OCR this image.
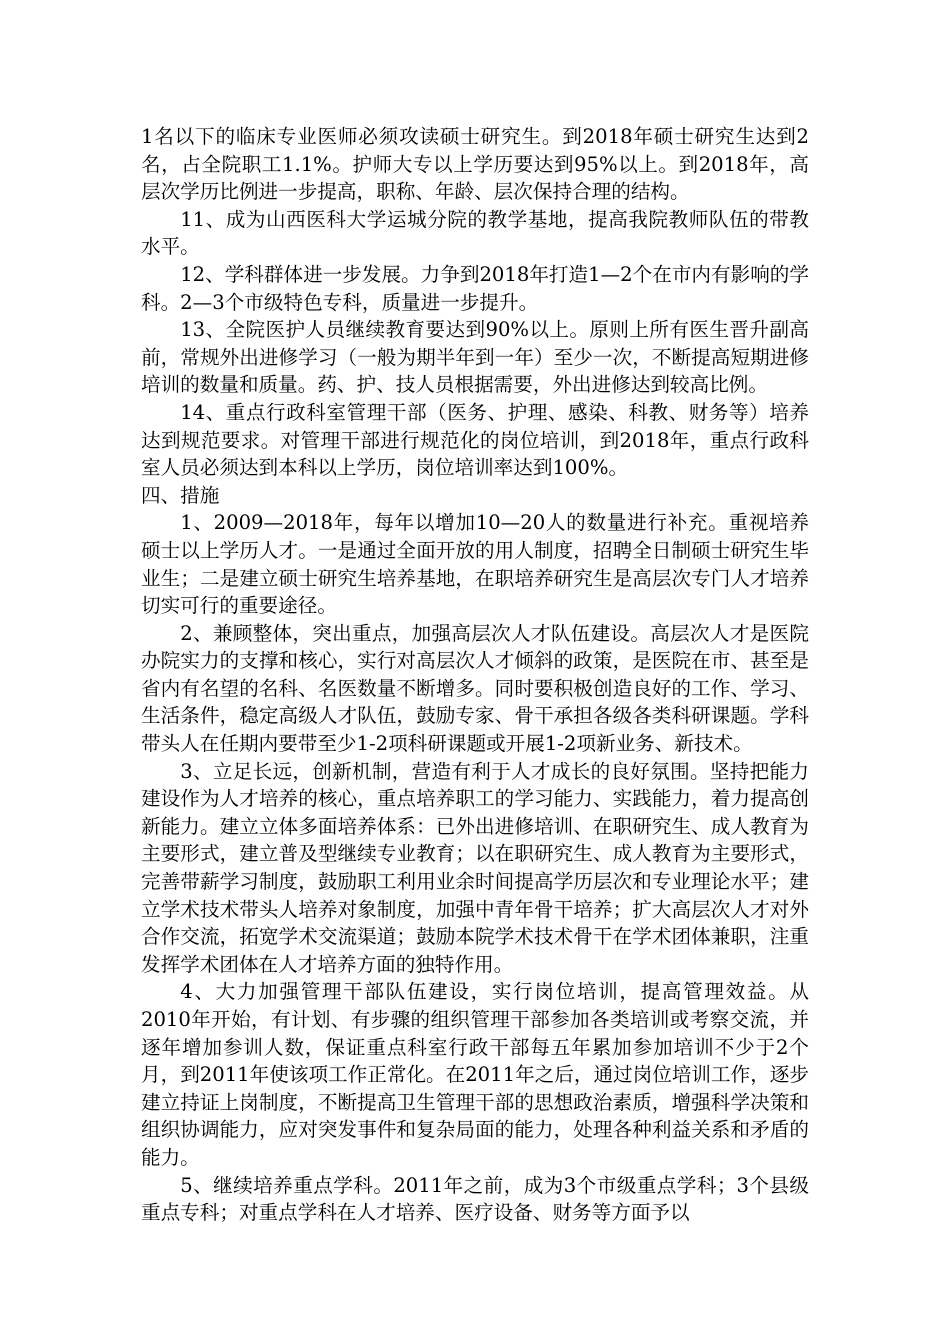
1名以下的临床专业医师必须攻读硕士研究生。到2018年硕士研究生达到2名，占全院职工1.1%。护师大专以上学历要达到95%以上。到2018年，高层次学历比例进一步提高，职称、年龄、层次保持合理的结构。

11、成为山西医科大学运城分院的教学基地，提高我院教师队伍的带教水平。

12、学科群体进一步发展。力争到2018年打造1—2个在市内有影响的学科。2—3个市级特色专科，质量进一步提升。

13、全院医护人员继续教育要达到90%以上。原则上所有医生晋升副高前，常规外出进修学习（一般为期半年到一年）至少一次，不断提高短期进修培训的数量和质量。药、护、技人员根据需要，外出进修达到较高比例。

14、重点行政科室管理干部（医务、护理、感染、科教、财务等）培养达到规范要求。对管理干部进行规范化的岗位培训，到2018年，重点行政科室人员必须达到本科以上学历，岗位培训率达到100%。

四、措施

1、2009—2018年，每年以增加10—20人的数量进行补充。重视培养硕士以上学历人才。一是通过全面开放的用人制度，招聘全日制硕士研究生毕业生；二是建立硕士研究生培养基地，在职培养研究生是高层次专门人才培养切实可行的重要途径。

2、兼顾整体，突出重点，加强高层次人才队伍建设。高层次人才是医院办院实力的支撑和核心，实行对高层次人才倾斜的政策，是医院在市、甚至是省内有名望的名科、名医数量不断增多。同时要积极创造良好的工作、学习、生活条件，稳定高级人才队伍，鼓励专家、骨干承担各级各类科研课题。学科带头人在任期内要带至少1-2项科研课题或开展1-2项新业务、新技术。

3、立足长远，创新机制，营造有利于人才成长的良好氛围。坚持把能力建设作为人才培养的核心，重点培养职工的学习能力、实践能力，着力提高创新能力。建立立体多面培养体系：已外出进修培训、在职研究生、成人教育为主要形式，建立普及型继续专业教育；以在职研究生、成人教育为主要形式，完善带薪学习制度，鼓励职工利用业余时间提高学历层次和专业理论水平；建立学术技术带头人培养对象制度，加强中青年骨干培养；扩大高层次人才对外合作交流，拓宽学术交流渠道；鼓励本院学术技术骨干在学术团体兼职，注重发挥学术团体在人才培养方面的独特作用。

4、大力加强管理干部队伍建设，实行岗位培训，提高管理效益。从2010年开始，有计划、有步骤的组织管理干部参加各类培训或考察交流，并逐年增加参训人数，保证重点科室行政干部每五年累加参加培训不少于2个月，到2011年使该项工作正常化。在2011年之后，通过岗位培训工作，逐步建立持证上岗制度，不断提高卫生管理干部的思想政治素质，增强科学决策和组织协调能力，应对突发事件和复杂局面的能力，处理各种利益关系和矛盾的能力。

5、继续培养重点学科。2011年之前，成为3个市级重点学科；3个县级重点专科；对重点学科在人才培养、医疗设备、财务等方面予以
